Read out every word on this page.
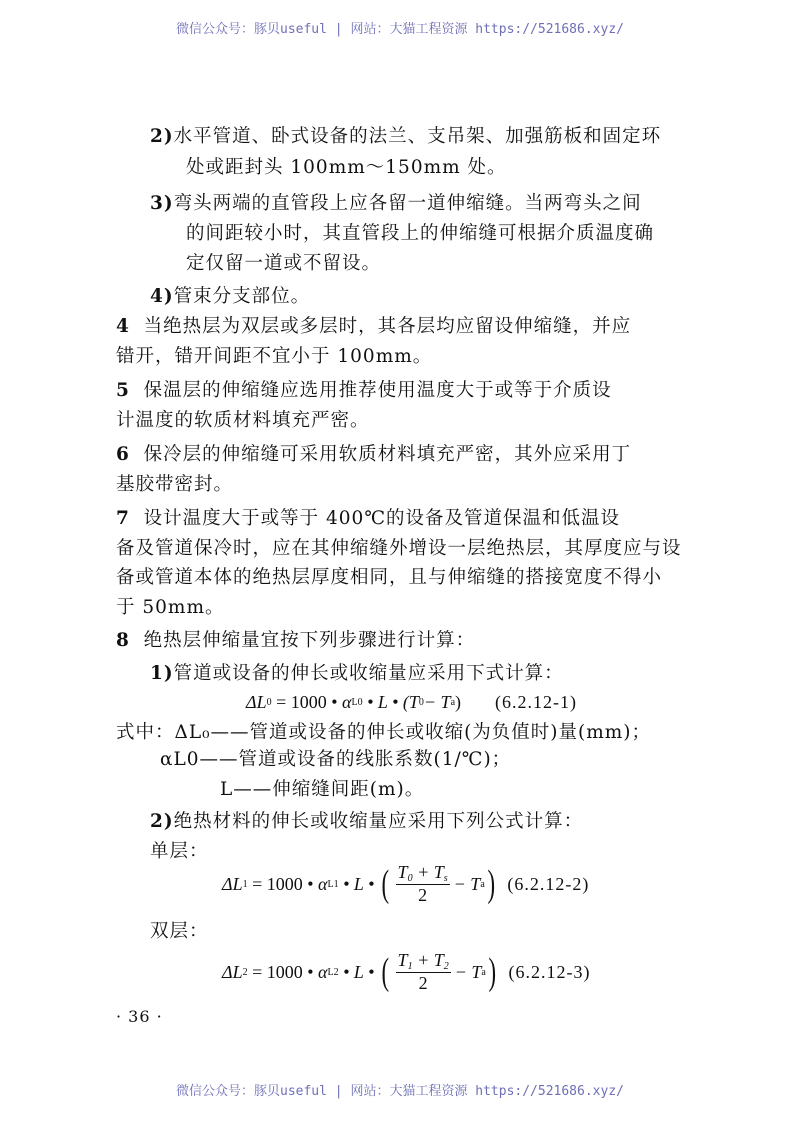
微信公众号：豚贝useful | 网站：大猫工程资源 https://521686.xyz/
2)水平管道、卧式设备的法兰、支吊架、加强筋板和固定环
处或距封头 100mm～150mm 处。
3)弯头两端的直管段上应各留一道伸缩缝。当两弯头之间
的间距较小时，其直管段上的伸缩缝可根据介质温度确
定仅留一道或不留设。
4)管束分支部位。
4  当绝热层为双层或多层时，其各层均应留设伸缩缝，并应
错开，错开间距不宜小于 100mm。
5  保温层的伸缩缝应选用推荐使用温度大于或等于介质设
计温度的软质材料填充严密。
6  保冷层的伸缩缝可采用软质材料填充严密，其外应采用丁
基胶带密封。
7  设计温度大于或等于 400℃的设备及管道保温和低温设
备及管道保冷时，应在其伸缩缝外增设一层绝热层，其厚度应与设
备或管道本体的绝热层厚度相同，且与伸缩缝的搭接宽度不得小
于 50mm。
8  绝热层伸缩量宜按下列步骤进行计算：
1)管道或设备的伸长或收缩量应采用下式计算：
式中：ΔL₀——管道或设备的伸长或收缩(为负值时)量(mm)；
αL0——管道或设备的线胀系数(1/℃)；
L——伸缩缝间距(m)。
2)绝热材料的伸长或收缩量应采用下列公式计算：
单层：
双层：
ΔL 0
= 1000 •
α L0
• L • (T 0 − T a ) (6.2.12-1)
ΔL 1
= 1000 •
α L1
• L •
( $\frac{T_0 + T_s}{2} - T$ a ) (6.2.12-2)
ΔL 2
= 1000 •
α L2
• L •
( $\frac{T_1 + T_2}{2} - T$ a ) (6.2.12-3)
· 36 ·
微信公众号：豚贝useful | 网站：大猫工程资源 https://521686.xyz/
